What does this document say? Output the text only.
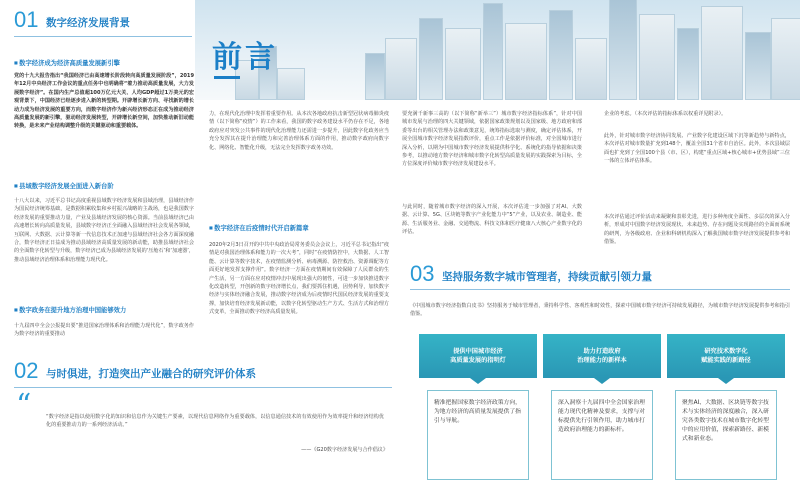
前言
01 数字经济发展背景
■ 数字经济成为经济高质量发展新引擎
党的十九大报告指出“我国经济已由高速增长阶段转向高质量发展阶段”，2019年12月中央经济工作会议的重点任务中也明确将“着力推动高质量发展，大力发展数字经济”。在国内生产总值超100万亿元大关、人均GDP超过1万美元的宏观背景下，中国经济已经逐步进入新的转型期。开辟增长新方向、寻找新的增长动力成为经济发展的重要方向，而数字经济作为新兴经济形态正在成为推动经济高质量发展的新引擎，驱动经济发展转型，开辟增长新空间，加快推动新旧动能转换，是未来产业结构调整升级的关键驱动和重要载体。
■ 县域数字经济发展全面进入新台阶
十八大以来，习近平总书记高度重视县域数字经济发展和县域治理，县域经济作为国民经济统筹基础，是数据积累收集和乡村振兴战略的主战场，也是我国数字经济发展的重要推动力量，产业及县域经济发展的核心资源。当前县域经济已由高速增长转向高质量发展，县域数字经济正全面融入县域经济社会发展各领域，互联网、大数据、云计算等新一代信息技术正加速与县域经济社会各方面深度融合，数字经济正日益成为推动县域经济高质量发展的新动能，助推县域经济社会的全面数字化转型与升级，数字经济已成为县域经济发展的‘压舱石’和‘加速器’，推动县域经济治理体系和治理能力现代化。
■ 数字政务在提升地方治理中国能够效力
十九届四中全会公报提出要“推进国家治理体系和治理能力现代化”，数字政务作为数字经济的重要推动
力，在现代化治理中发挥着重要作用。从本次各地政府抗击新型冠状病毒肺炎疫情（以下简称“疫情”）的工作来看，我国的数字政务建设水平仍存在不足，各地政府应对突发公共事件的现代化治理能力还需进一步提升，因此数字化政务应当充分发挥其在提升治理能力和完善治理体系方面的作用，推动数字政府向数字化、网络化、智能化升级，无法完全发挥数字政务功效。
■ 数字经济在后疫情时代开启新篇章
2020年2月3日召开的中共中央政治局常务委员会会议上，习近平总书记指出“疫情是对我国治理体系和能力的一次大考”，同时“在疫情防控中，大数据、人工智能、云计算等数字技术，在疫情监测分析、病毒溯源、防控救治、资源调配等方面更好地发挥支撑作用”。数字经济一方面在疫情期间有效保障了人民群众的生产生活，另一方面在应对疫情冲击中展现出强大的韧性，可进一步加快推进数字化改造转型，开创新的数字经济增长点，我们要抓住机遇，因势利导，加快数字经济与实体经济融合发展，推动数字经济成为后疫情时代国民经济发展的重要支撑，加快培育经济发展新动能，以数字化转型驱动生产方式、生活方式和治理方式变革，全面推动数字经济高质量发展。
要充满千新事三高的（以下简称“新举三”）城市数字经济指标体系”，针对中国城市发展与治理的四大关键领域，依据国家政策规划以及国家级、地方政府和部委等出台的相关管理办法和政策意见，统筹指标选取与测度，确定评估体系，开展全国城市数字经济发展指数评价，重点工作是依据评价标准，对全国城市进行深入分析，以期为中国城市数字经济发展提供科学化、系统化的指导依据和决策参考，以推动地方数字经济和城市数字化转型高质量发展的实践探索为目标，全方位深度评价城市数字经济发展建设水平。
与此同时，随着城市数字经济的深入开展，本次评估进一步加强了对AI、大数据、云计算、5G、区块链等数字产业化能力中“5”产业，以及农业、制造业、能源、生活服务业、金融、交通物流、科技文体和医疗健康八大核心产业数字化的评估。
企业的考虑。（本次评估的指标体系以权重详见附录）。
此外，针对城市数字经济协同发展、产业数字化建设区域下沉等新趋势与新特点，本次评估对城市数量扩充到148个，覆盖全国31个省市自治区。此外，本次县域层面也扩充到了全国100个县（市、区），构建“重点区域+核心城市+优势县域”三位一体的立体评估体系。
本次评估通过评价活动来凝聚和表彰先进，进行多种角度全面性、多层次的深入分析，形成对中国数字经济发展现状、未来趋势、存在问题及实现路径的全面而系统的研判，为各级政府、企业和科研机构深入了解我国城市数字经济发展提供参考和借鉴。
02 与时俱进，打造突出产业融合的研究评价体系
“	“数字经济是指以使用数字化的知识和信息作为关键生产要素，以现代信息网络作为重要载体，以信息通信技术的有效使用作为效率提升和经济结构优化的重要推动力的一系列经济活动。”
——《G20数字经济发展与合作倡议》
03 坚持服务数字城市管理者，持续贡献引领力量
《中国城市数字经济指数白皮书》坚持服务于城市管理者，秉持科学性、客观性和时效性，探索中国城市数字经济可持续发展路径，为城市数字经济发展提供参考和指引借鉴。
提供中国城市经济
高质量发展的指明灯
精准把握国家数字经济政策方向，为地方经济的高质量发展提供了指引与导航。
助力打造政府
治理能力的新样本
深入洞察十九届四中全会国家治理能力现代化精神及要求，支撑与对标提供先行引领作用，助力城市打造政府治理能力的新标杆。
研究技术数字化
赋能实践的新路径
聚焦AI、大数据、区块链等数字技术与实体经济的深度融合，深入研究各类数字技术在城市数字化转型中的应用价值，探索新路径、新模式和新业态。
